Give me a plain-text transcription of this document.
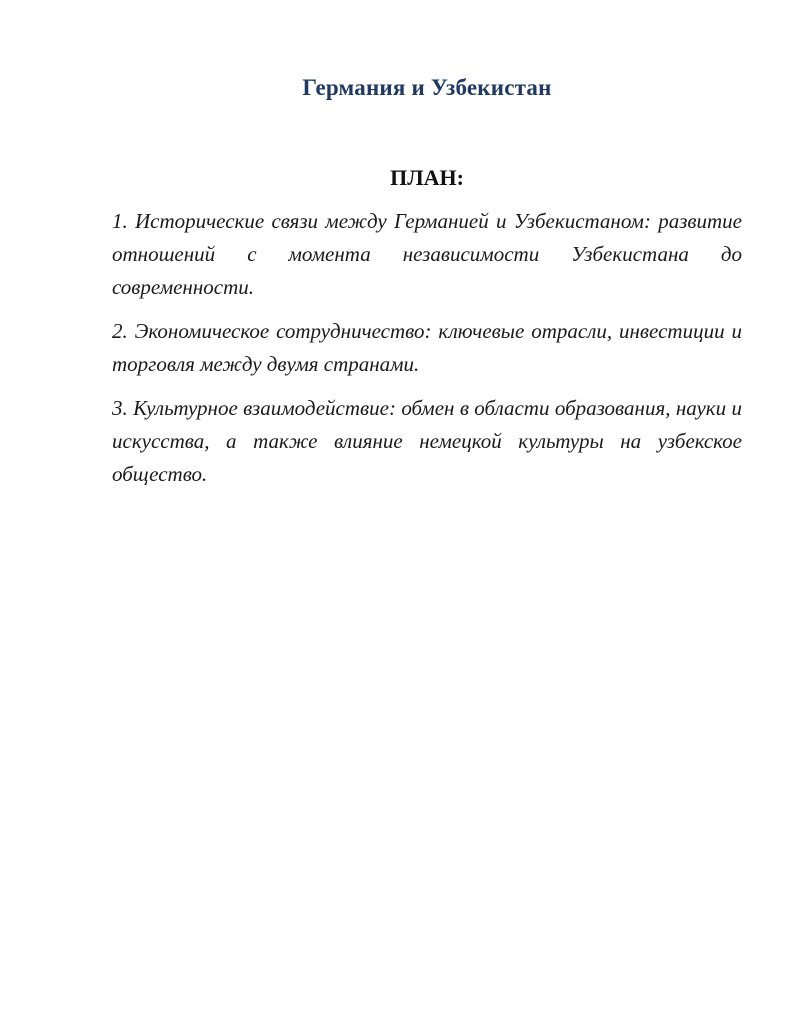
Германия и Узбекистан
ПЛАН:

1. Исторические связи между Германией и Узбекистаном: развитие отношений с момента независимости Узбекистана до современности.

2. Экономическое сотрудничество: ключевые отрасли, инвестиции и торговля между двумя странами.

3. Культурное взаимодействие: обмен в области образования, науки и искусства, а также влияние немецкой культуры на узбекское общество.
